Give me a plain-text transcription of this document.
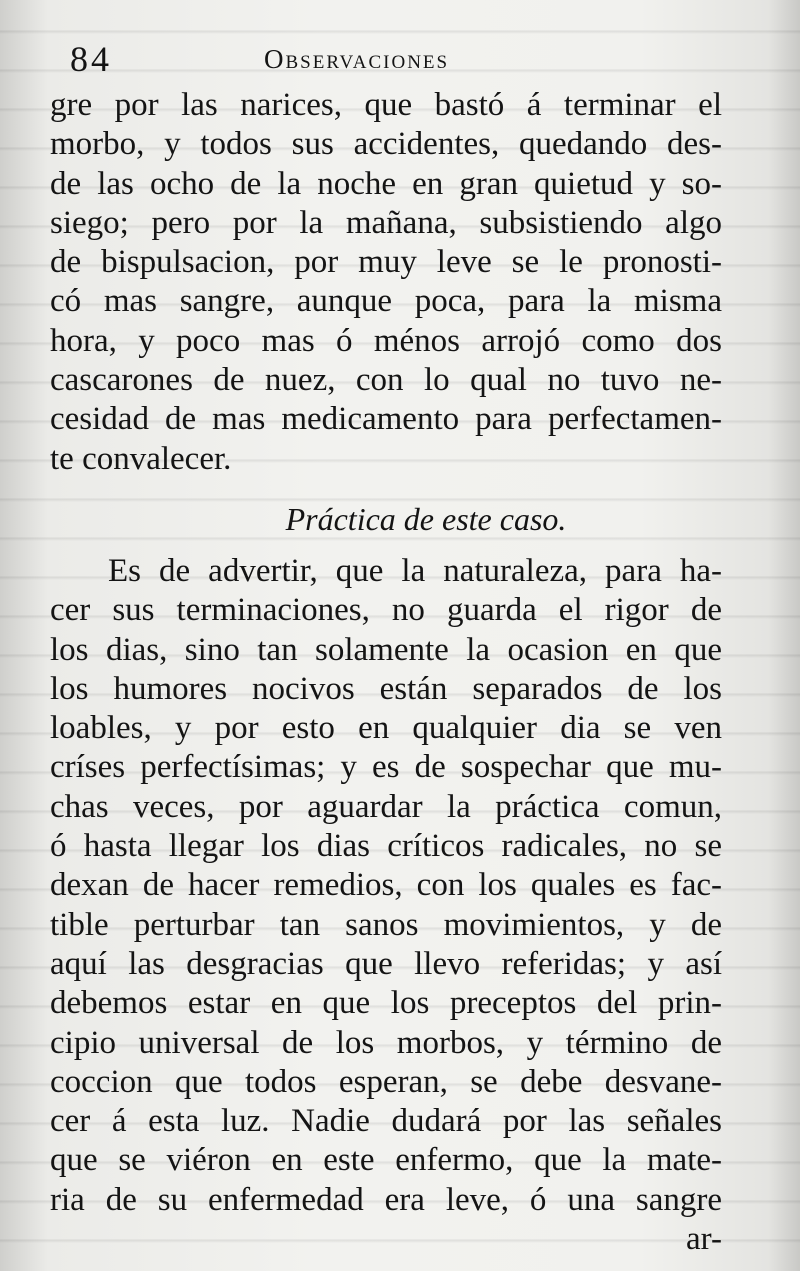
84	Observaciones
gre por las narices, que bastó á terminar el
morbo, y todos sus accidentes, quedando des-
de las ocho de la noche en gran quietud y so-
siego; pero por la mañana, subsistiendo algo
de bispulsacion, por muy leve se le pronosti-
có mas sangre, aunque poca, para la misma
hora, y poco mas ó ménos arrojó como dos
cascarones de nuez, con lo qual no tuvo ne-
cesidad de mas medicamento para perfectamen-
te convalecer.
Práctica de este caso.
Es de advertir, que la naturaleza, para ha-
cer sus terminaciones, no guarda el rigor de
los dias, sino tan solamente la ocasion en que
los humores nocivos están separados de los
loables, y por esto en qualquier dia se ven
críses perfectísimas; y es de sospechar que mu-
chas veces, por aguardar la práctica comun,
ó hasta llegar los dias críticos radicales, no se
dexan de hacer remedios, con los quales es fac-
tible perturbar tan sanos movimientos, y de
aquí las desgracias que llevo referidas; y así
debemos estar en que los preceptos del prin-
cipio universal de los morbos, y término de
coccion que todos esperan, se debe desvane-
cer á esta luz. Nadie dudará por las señales
que se viéron en este enfermo, que la mate-
ria de su enfermedad era leve, ó una sangre
ar-
